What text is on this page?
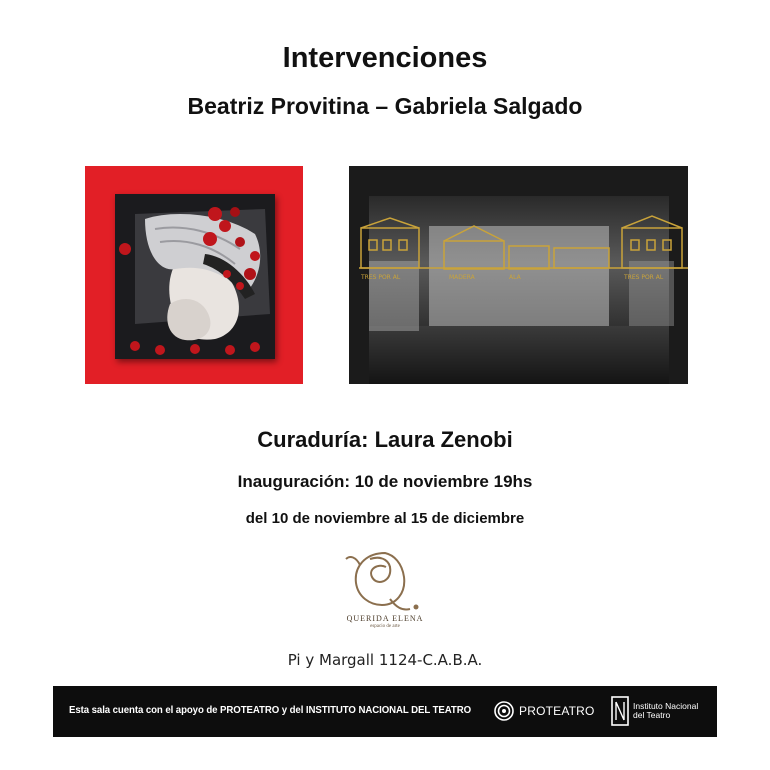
Intervenciones
Beatriz Provitina – Gabriela Salgado
TRES POR AL	MADERA	ALA	TRES POR AL
Curaduría: Laura Zenobi
Inauguración: 10 de noviembre 19hs
del 10 de noviembre al 15 de diciembre
QUERIDA ELENA
espacio de arte
Pi y Margall 1124-C.A.B.A.
Esta sala cuenta con el apoyo de PROTEATRO y del INSTITUTO NACIONAL DEL TEATRO	PROTEATRO	Instituto Nacional
del Teatro
